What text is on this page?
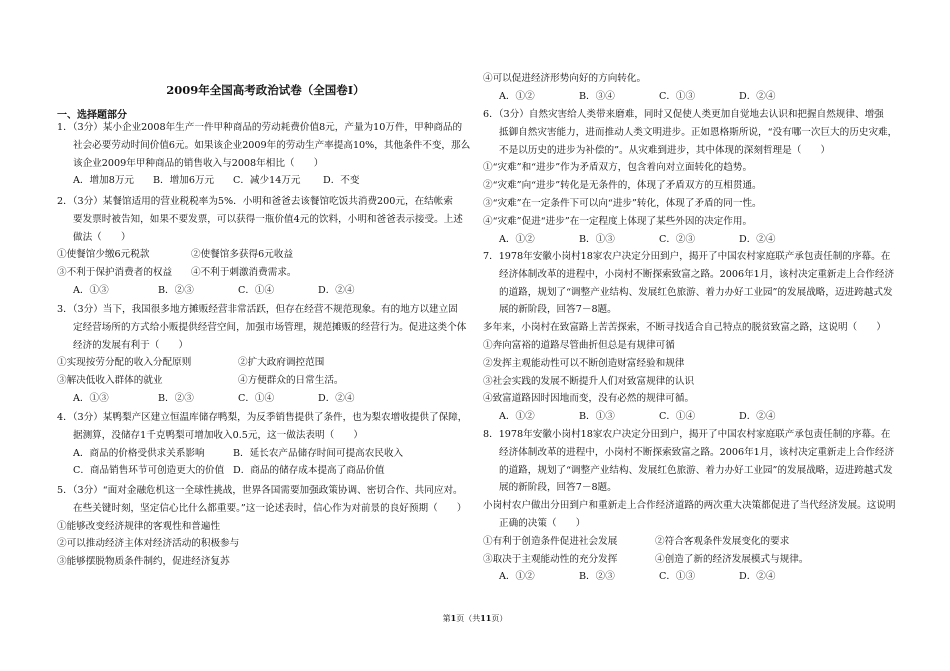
2009年全国高考政治试卷（全国卷Ⅰ）
一、选择题部分
1．（3分）某小企业2008年生产一件甲种商品的劳动耗费价值8元，产量为10万件，甲种商品的
社会必要劳动时间价值6元。如果该企业2009年的劳动生产率提高10%，其他条件不变，那么
该企业2009年甲种商品的销售收入与2008年相比（　　）
A．增加8万元	B．增加6万元	C．减少14万元	D．不变
2．（3分）某餐馆适用的营业税税率为5%．小明和爸爸去该餐馆吃饭共消费200元，在结帐索
要发票时被告知，如果不要发票，可以获得一瓶价值4元的饮料，小明和爸爸表示接受。上述
做法（　　）
①使餐馆少缴6元税款	②使餐馆多获得6元收益
③不利于保护消费者的权益	④不利于刺激消费需求。
A．①③	B．②③	C．①④	D．②④
3．（3分）当下，我国很多地方摊贩经营非常活跃，但存在经营不规范现象。有的地方以建立固
定经营场所的方式给小贩提供经营空间，加强市场管理，规范摊贩的经营行为。促进这类个体
经济的发展有利于（　　）
①实现按劳分配的收入分配原则	②扩大政府调控范围
③解决低收入群体的就业	④方便群众的日常生活。
A．①③	B．②③	C．①④	D．②④
4．（3分）某鸭梨产区建立恒温库储存鸭梨，为反季销售提供了条件，也为梨农增收提供了保障，
据测算，没储存1千克鸭梨可增加收入0.5元，这一做法表明（　　）
A．商品的价格受供求关系影响	B．延长农产品储存时间可提高农民收入
C．商品销售环节可创造更大的价值 D．商品的储存成本提高了商品价值
5．（3分）“面对金融危机这一全球性挑战，世界各国需要加强政策协调、密切合作、共同应对。
在些关键时刻，坚定信心比什么都重要。”这一论述表时，信心作为对前景的良好预期（　　）
①能够改变经济规律的客观性和普遍性
②可以推动经济主体对经济活动的积极参与
③能够摆脱物质条件制约，促进经济复苏
④可以促进经济形势向好的方向转化。
A．①②	B．③④	C．①③	D．②④
6．（3分）自然灾害给人类带来磨难，同时又促使人类更加自觉地去认识和把握自然规律、增强
抵御自然灾害能力，进而推动人类文明进步。正如恩格斯所说，“没有哪一次巨大的历史灾难，
不是以历史的进步为补偿的”。从灾难到进步，其中体现的深刻哲理是（　　）
①“灾难”和“进步”作为矛盾双方，包含着向对立面转化的趋势。
②“灾难”向“进步”转化是无条件的，体现了矛盾双方的互相贯通。
③“灾难”在一定条件下可以向“进步”转化，体现了矛盾的同一性。
④“灾难”促进“进步”在一定程度上体现了某些外因的决定作用。
A．①②	B．①③	C．②③	D．②④
7．1978年安徽小岗村18家农户决定分田到户，揭开了中国农村家庭联产承包责任制的序幕。在
经济体制改革的进程中，小岗村不断探索致富之路。2006年1月，该村决定重新走上合作经济
的道路，规划了“调整产业结构、发展红色旅游、着力办好工业园”的发展战略，迈进跨越式发
展的新阶段，回答7－8题。
多年来，小岗村在致富路上苦苦探索，不断寻找适合自己特点的脱贫致富之路，这说明（　　）
①奔向富裕的道路尽管曲折但总是有规律可循
②发挥主观能动性可以不断创造财富经验和规律
③社会实践的发展不断提升人们对致富规律的认识
④致富道路因时因地而变，没有必然的规律可循。
A．①②	B．①③	C．①④	D．②④
8．1978年安徽小岗村18家农户决定分田到户，揭开了中国农村家庭联产承包责任制的序幕。在
经济体制改革的进程中，小岗村不断探索致富之路。2006年1月，该村决定重新走上合作经济
的道路，规划了“调整产业结构、发展红色旅游、着力办好工业园”的发展战略，迈进跨越式发
展的新阶段，回答7－8题。
小岗村农户做出分田到户和重新走上合作经济道路的两次重大决策都促进了当代经济发展。这说明
正确的决策（　　）
①有利于创造条件促进社会发展	②符合客观条件发展变化的要求
③取决于主观能动性的充分发挥	④创造了新的经济发展模式与规律。
A．①②	B．②③	C．①③	D．②④
第1页（共11页）
